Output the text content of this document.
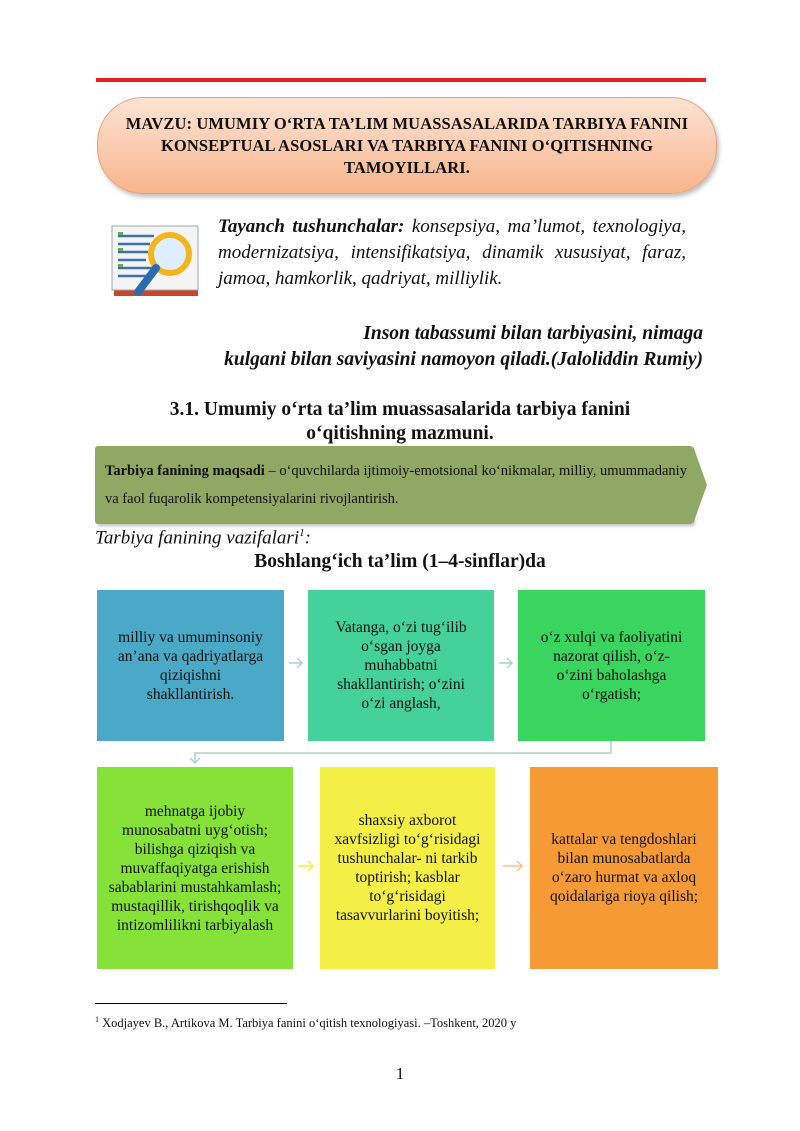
MAVZU: UMUMIY O‘RTA TA’LIM MUASSASALARIDA TARBIYA FANINI KONSEPTUAL ASOSLARI VA TARBIYA FANINI O‘QITISHNING TAMOYILLARI.
Tayanch tushunchalar: konsepsiya, ma’lumot, texnologiya, modernizatsiya, intensifikatsiya, dinamik xususiyat, faraz, jamoa, hamkorlik, qadriyat, milliylik.
Inson tabassumi bilan tarbiyasini, nimaga
kulgani bilan saviyasini namoyon qiladi.(Jaloliddin Rumiy)
3.1. Umumiy o‘rta ta’lim muassasalarida tarbiya fanini
o‘qitishning mazmuni.

Tarbiya fanining maqsadi – o‘quvchilarda ijtimoiy-emotsional ko‘nikmalar, milliy, umummadaniy va faol fuqarolik kompetensiyalarini rivojlantirish.

Tarbiya fanining vazifalari$^1$:
Boshlang‘ich ta’lim (1–4-sinflar)da
milliy va umuminsoniy an’ana va qadriyatlarga qiziqishni shakllantirish.
Vatanga, o‘zi tug‘ilib o‘sgan joyga muhabbatni shakllantirish; o‘zini o‘zi anglash,
o‘z xulqi va faoliyatini nazorat qilish, o‘z-o‘zini baholashga o‘rgatish;
mehnatga ijobiy munosabatni uyg‘otish; bilishga qiziqish va muvaffaqiyatga erishish sabablarini mustahkamlash; mustaqillik, tirishqoqlik va intizomlilikni tarbiyalash
shaxsiy axborot xavfsizligi to‘g‘risidagi tushunchalar- ni tarkib toptirish; kasblar to‘g‘risidagi tasavvurlarini boyitish;
kattalar va tengdoshlari bilan munosabatlarda o‘zaro hurmat va axloq qoidalariga rioya qilish;
$^1$ Xodjayev B., Artikova M. Tarbiya fanini o‘qitish texnologiyasi. –Toshkent, 2020 y
1
